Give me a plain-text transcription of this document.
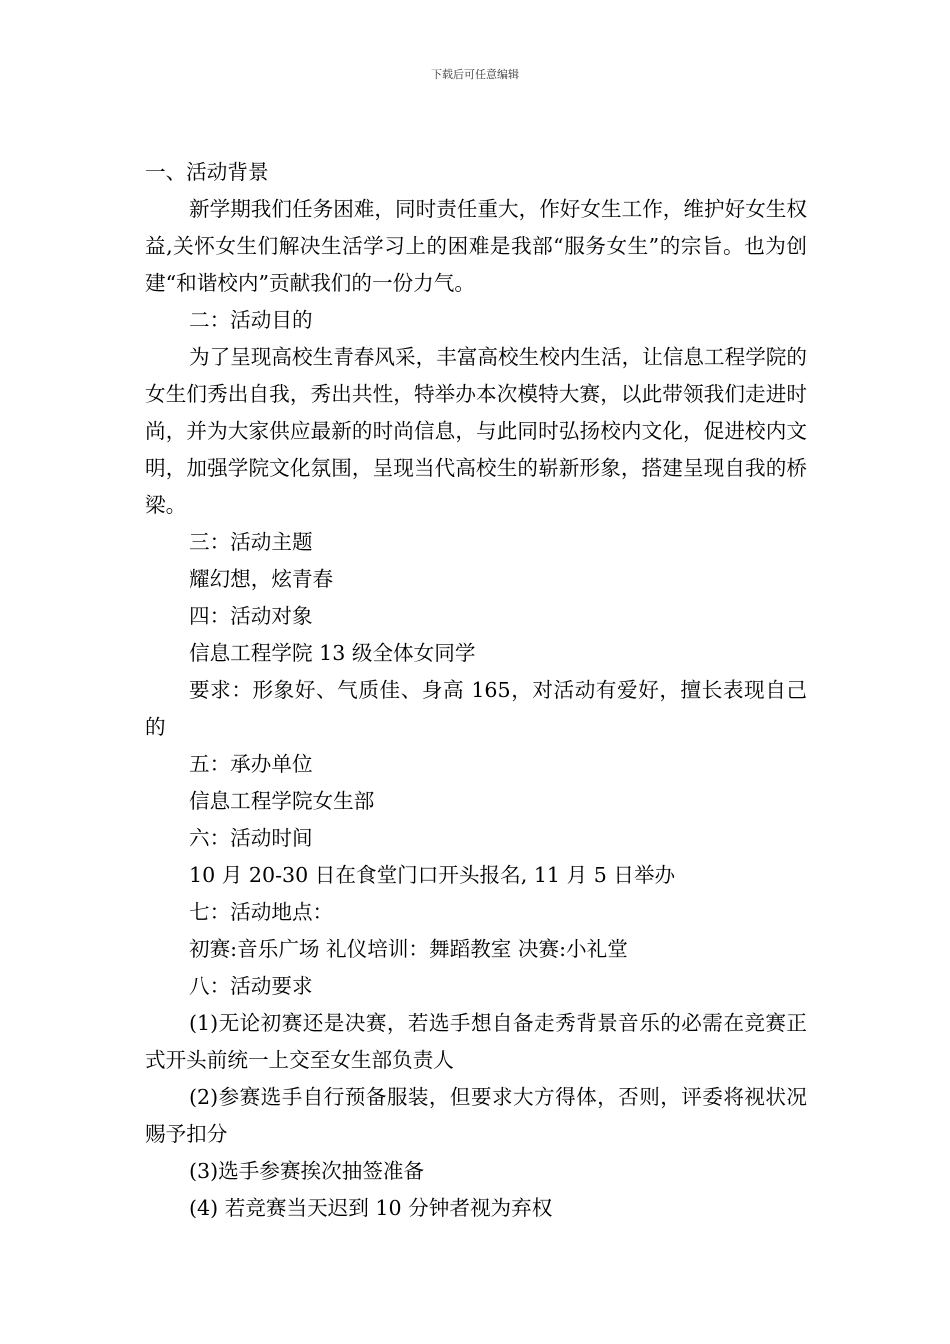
下载后可任意编辑

一、活动背景

新学期我们任务困难，同时责任重大，作好女生工作，维护好女生权益,关怀女生们解决生活学习上的困难是我部“服务女生”的宗旨。也为创建“和谐校内”贡献我们的一份力气。

二：活动目的

为了呈现高校生青春风采，丰富高校生校内生活，让信息工程学院的女生们秀出自我，秀出共性，特举办本次模特大赛，以此带领我们走进时尚，并为大家供应最新的时尚信息，与此同时弘扬校内文化，促进校内文明，加强学院文化氛围，呈现当代高校生的崭新形象，搭建呈现自我的桥梁。

三：活动主题

耀幻想，炫青春

四：活动对象

信息工程学院 13 级全体女同学

要求：形象好、气质佳、身高 165，对活动有爱好，擅长表现自己的

五：承办单位

信息工程学院女生部

六：活动时间

10 月 20-30 日在食堂门口开头报名, 11 月 5 日举办

七：活动地点：

初赛:音乐广场 礼仪培训：舞蹈教室 决赛:小礼堂

八：活动要求

(1)无论初赛还是决赛，若选手想自备走秀背景音乐的必需在竞赛正式开头前统一上交至女生部负责人

(2)参赛选手自行预备服装，但要求大方得体，否则，评委将视状况赐予扣分

(3)选手参赛挨次抽签准备

(4) 若竞赛当天迟到 10 分钟者视为弃权
